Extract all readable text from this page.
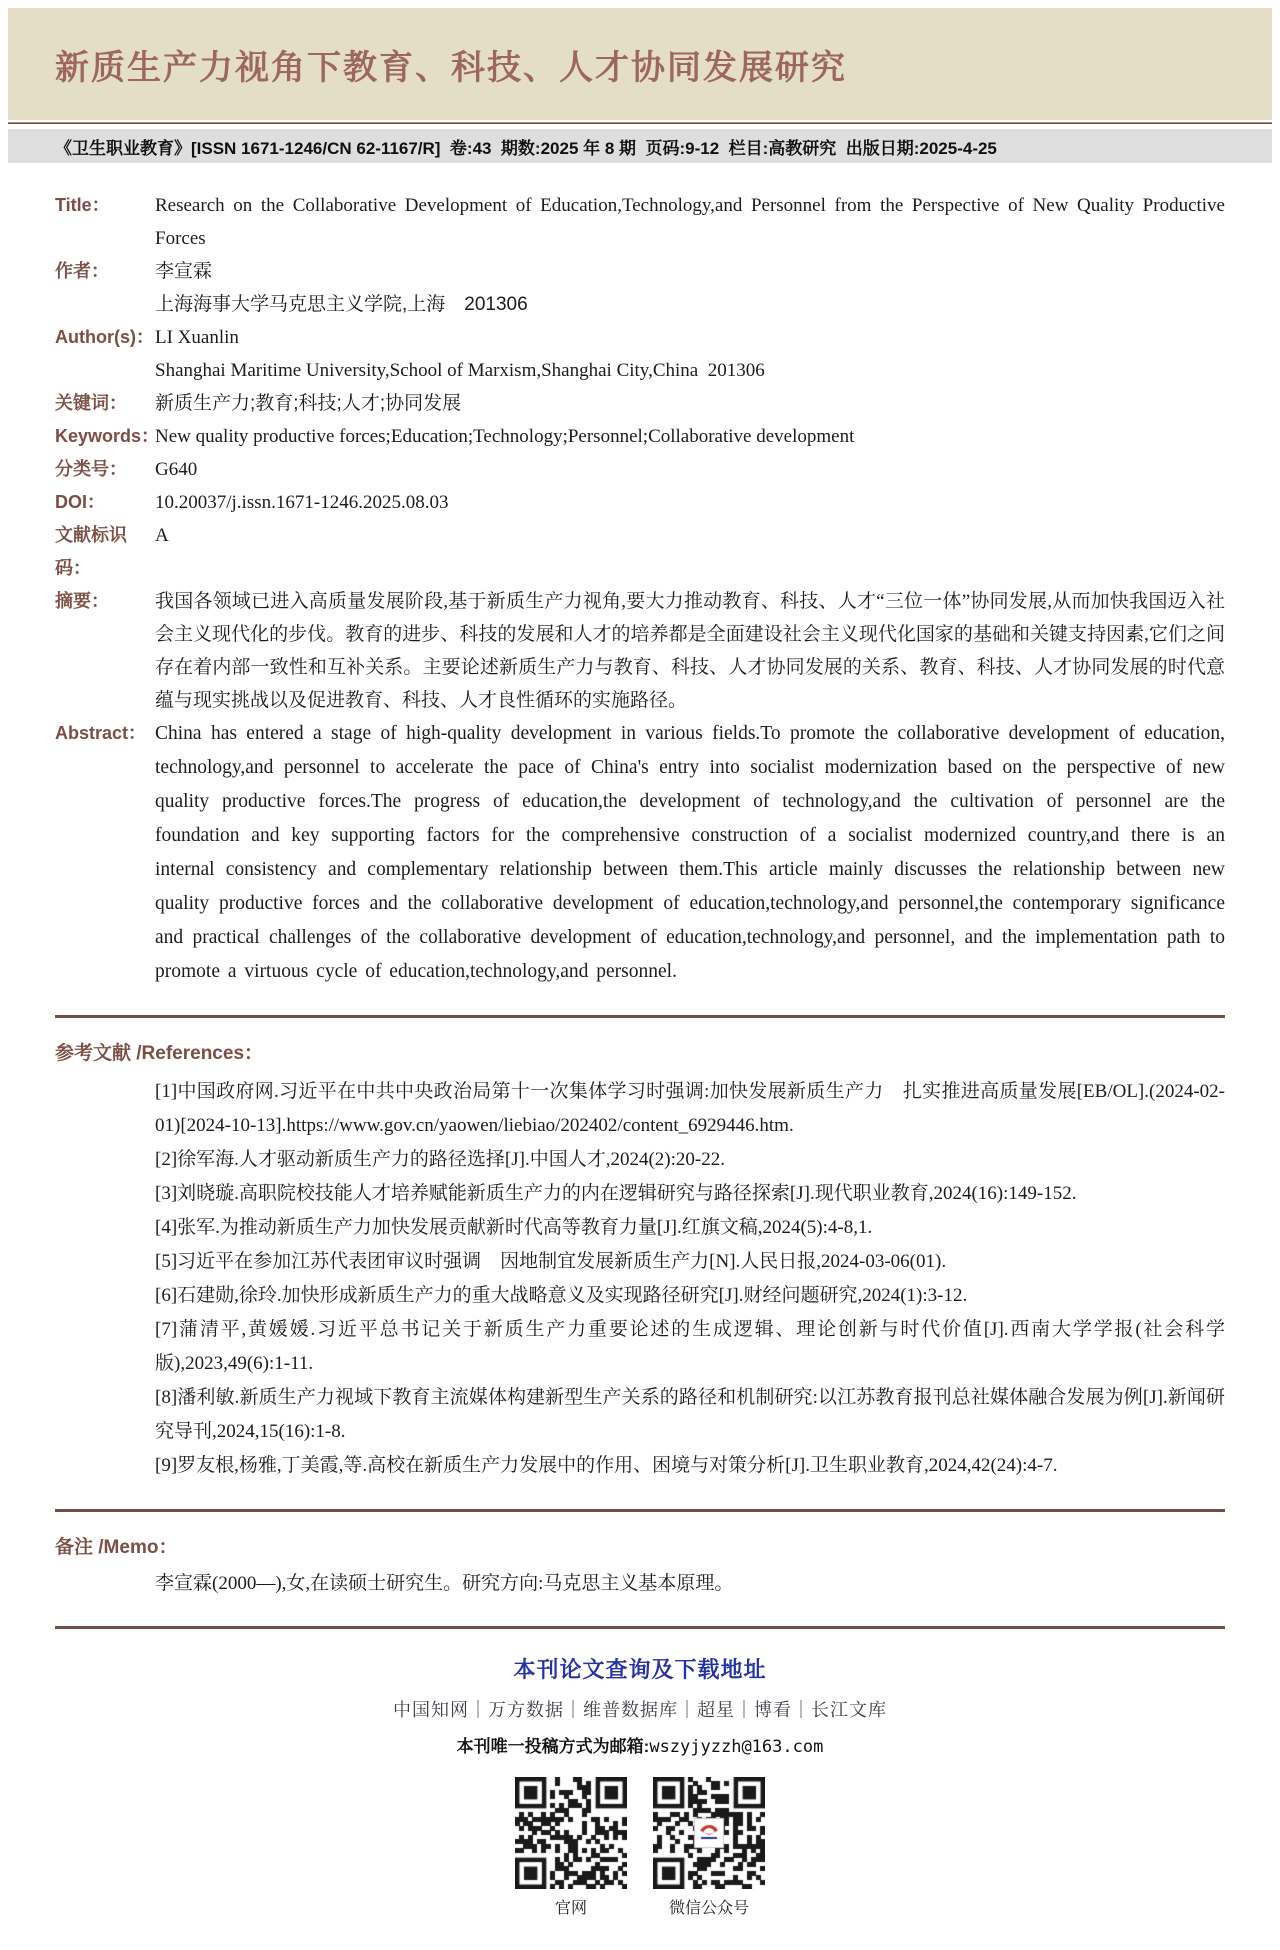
新质生产力视角下教育、科技、人才协同发展研究
《卫生职业教育》[ISSN 1671-1246/CN 62-1167/R]  卷:43  期数:2025 年 8 期  页码:9-12  栏目:高教研究  出版日期:2025-4-25
Title：	Research on the Collaborative Development of Education,Technology,and Personnel from the Perspective of New Quality Productive Forces
作者：	李宣霖
上海海事大学马克思主义学院,上海　201306
Author(s)： LI Xuanlin
Shanghai Maritime University,School of Marxism,Shanghai City,China  201306
关键词：	新质生产力;教育;科技;人才;协同发展
Keywords：
New quality productive forces;Education;Technology;Personnel;Collaborative development
分类号：	G640
DOI：	10.20037/j.issn.1671-1246.2025.08.03
文献标识码：
A
摘要：	我国各领域已进入高质量发展阶段,基于新质生产力视角,要大力推动教育、科技、人才“三位一体”协同发展,从而加快我国迈入社会主义现代化的步伐。教育的进步、科技的发展和人才的培养都是全面建设社会主义现代化国家的基础和关键支持因素,它们之间存在着内部一致性和互补关系。主要论述新质生产力与教育、科技、人才协同发展的关系、教育、科技、人才协同发展的时代意蕴与现实挑战以及促进教育、科技、人才良性循环的实施路径。
Abstract： China has entered a stage of high-quality development in various fields.To promote the collaborative development of education, technology,and personnel to accelerate the pace of China's entry into socialist modernization based on the perspective of new quality productive forces.The progress of education,the development of technology,and the cultivation of personnel are the foundation and key supporting factors for the comprehensive construction of a socialist modernized country,and there is an internal consistency and complementary relationship between them.This article mainly discusses the relationship between new quality productive forces and the collaborative development of education,technology,and personnel,the contemporary significance and practical challenges of the collaborative development of education,technology,and personnel, and the implementation path to promote a virtuous cycle of education,technology,and personnel.
参考文献 /References：
[1]中国政府网.习近平在中共中央政治局第十一次集体学习时强调:加快发展新质生产力　扎实推进高质量发展[EB/OL].(2024-02-01)[2024-10-13].https://www.gov.cn/yaowen/liebiao/202402/content_6929446.htm.
[2]徐军海.人才驱动新质生产力的路径选择[J].中国人才,2024(2):20-22.
[3]刘晓璇.高职院校技能人才培养赋能新质生产力的内在逻辑研究与路径探索[J].现代职业教育,2024(16):149-152.
[4]张军.为推动新质生产力加快发展贡献新时代高等教育力量[J].红旗文稿,2024(5):4-8,1.
[5]习近平在参加江苏代表团审议时强调　因地制宜发展新质生产力[N].人民日报,2024-03-06(01).
[6]石建勋,徐玲.加快形成新质生产力的重大战略意义及实现路径研究[J].财经问题研究,2024(1):3-12.
[7]蒲清平,黄媛媛.习近平总书记关于新质生产力重要论述的生成逻辑、理论创新与时代价值[J].西南大学学报(社会科学版),2023,49(6):1-11.
[8]潘利敏.新质生产力视域下教育主流媒体构建新型生产关系的路径和机制研究:以江苏教育报刊总社媒体融合发展为例[J].新闻研究导刊,2024,15(16):1-8.
[9]罗友根,杨雅,丁美霞,等.高校在新质生产力发展中的作用、困境与对策分析[J].卫生职业教育,2024,42(24):4-7.
备注 /Memo：
李宣霖(2000—),女,在读硕士研究生。研究方向:马克思主义基本原理。
本刊论文查询及下载地址
中国知网｜万方数据｜维普数据库｜超星｜博看｜长江文库
本刊唯一投稿方式为邮箱:wszyjyzzh@163.com
官网	微信公众号
